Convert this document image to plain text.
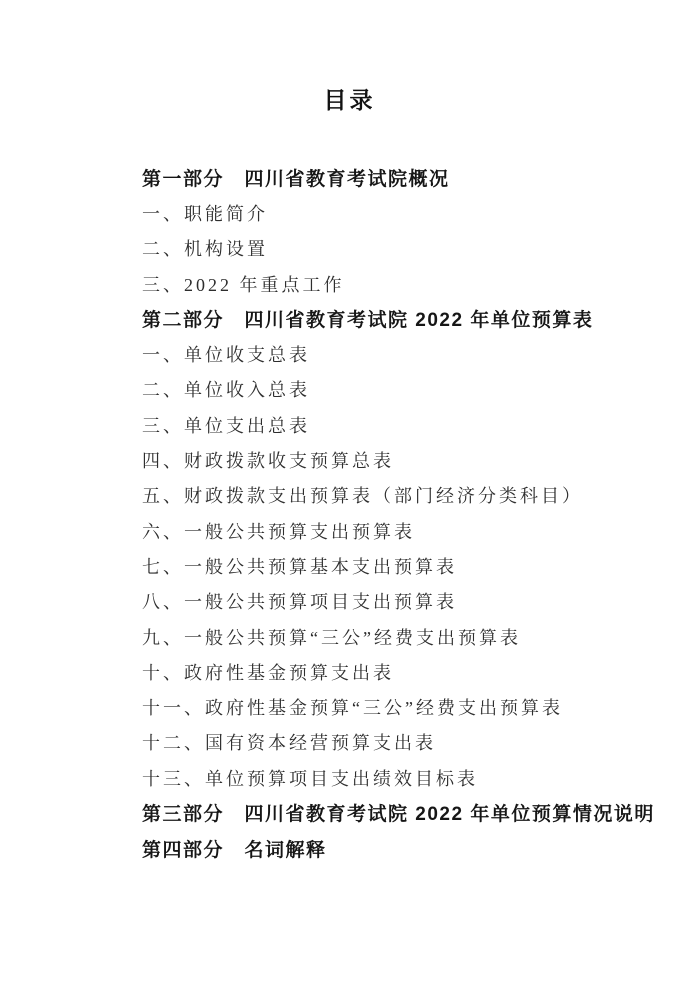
目录
第一部分　四川省教育考试院概况
一、职能简介
二、机构设置
三、2022 年重点工作
第二部分　四川省教育考试院 2022 年单位预算表
一、单位收支总表
二、单位收入总表
三、单位支出总表
四、财政拨款收支预算总表
五、财政拨款支出预算表（部门经济分类科目）
六、一般公共预算支出预算表
七、一般公共预算基本支出预算表
八、一般公共预算项目支出预算表
九、一般公共预算“三公”经费支出预算表
十、政府性基金预算支出表
十一、政府性基金预算“三公”经费支出预算表
十二、国有资本经营预算支出表
十三、单位预算项目支出绩效目标表
第三部分　四川省教育考试院 2022 年单位预算情况说明
第四部分　名词解释
